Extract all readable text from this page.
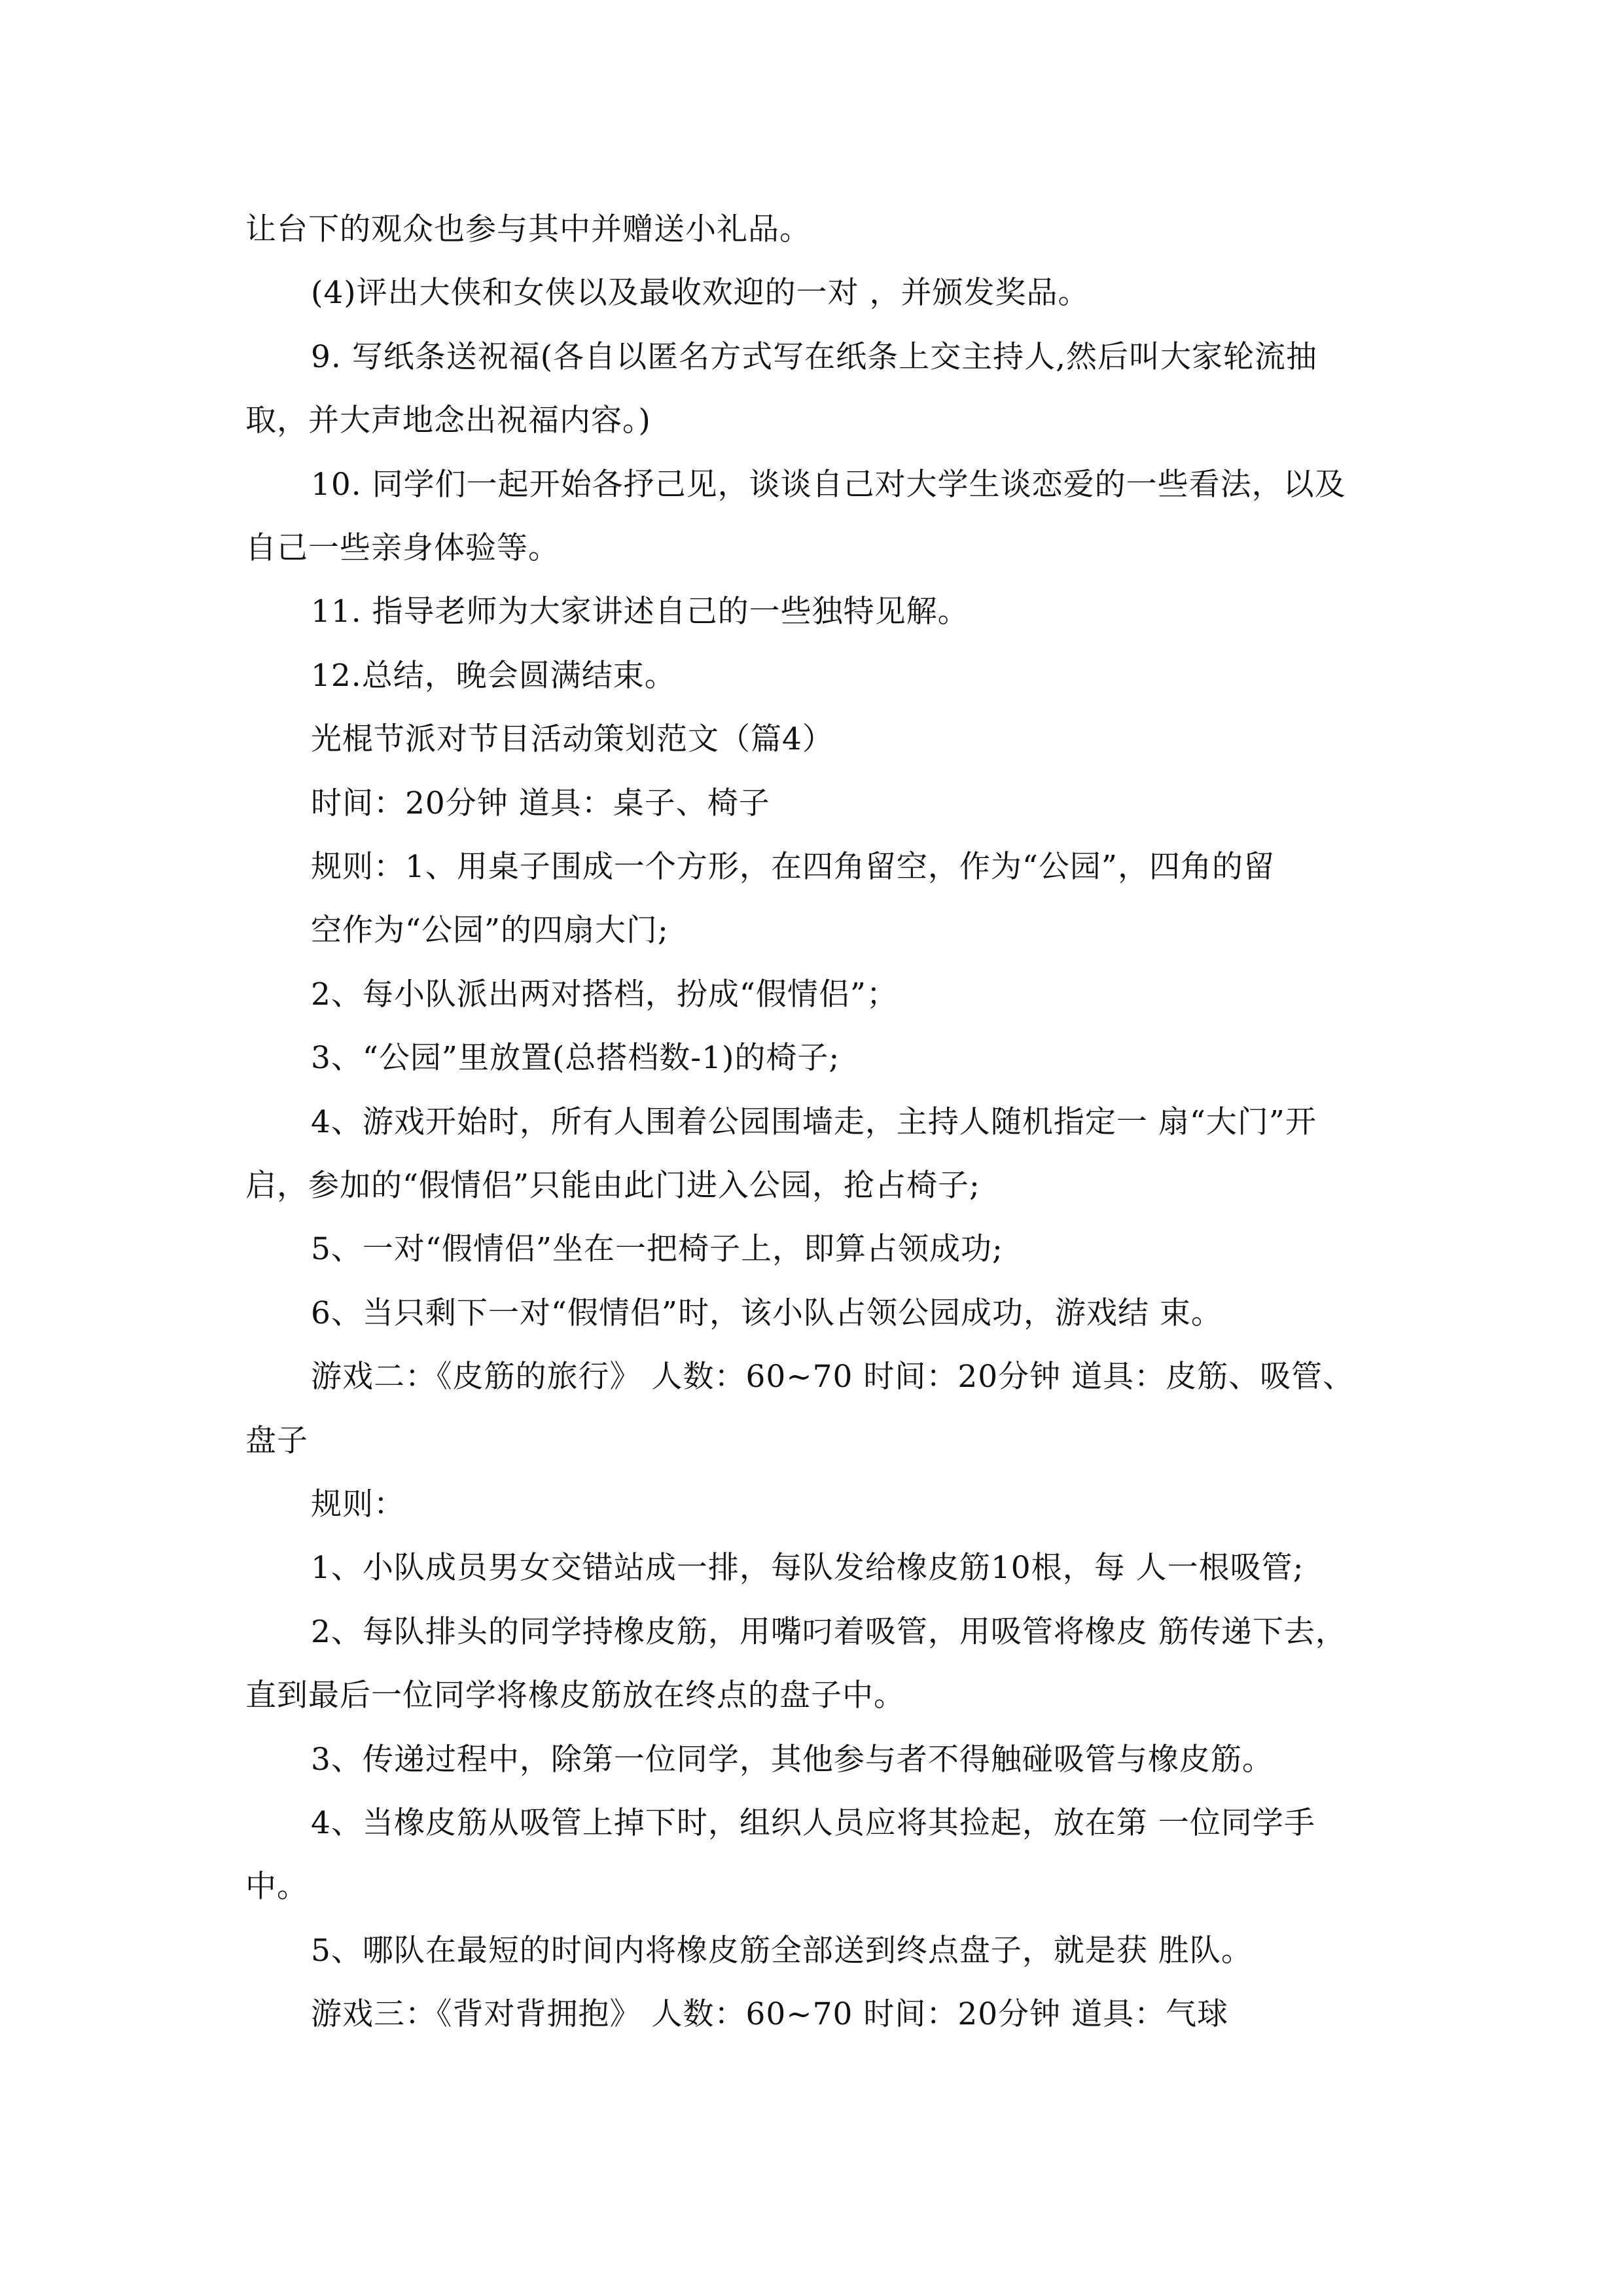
让台下的观众也参与其中并赠送小礼品。
(4)评出大侠和女侠以及最收欢迎的一对 ，并颁发奖品。
9. 写纸条送祝福(各自以匿名方式写在纸条上交主持人,然后叫大家轮流抽
取，并大声地念出祝福内容。)
10. 同学们一起开始各抒己见，谈谈自己对大学生谈恋爱的一些看法，以及
自己一些亲身体验等。
11. 指导老师为大家讲述自己的一些独特见解。
12.总结，晚会圆满结束。
光棍节派对节目活动策划范文（篇4）
时间：20分钟 道具：桌子、椅子
规则：1、用桌子围成一个方形，在四角留空，作为“公园”，四角的留
空作为“公园”的四扇大门;
2、每小队派出两对搭档，扮成“假情侣”；
3、“公园”里放置(总搭档数-1)的椅子;
4、游戏开始时，所有人围着公园围墙走，主持人随机指定一 扇“大门”开
启，参加的“假情侣”只能由此门进入公园，抢占椅子;
5、一对“假情侣”坐在一把椅子上，即算占领成功;
6、当只剩下一对“假情侣”时，该小队占领公园成功，游戏结 束。
游戏二：《皮筋的旅行》 人数：60~70 时间：20分钟 道具：皮筋、吸管、
盘子
规则：
1、小队成员男女交错站成一排，每队发给橡皮筋10根，每 人一根吸管;
2、每队排头的同学持橡皮筋，用嘴叼着吸管，用吸管将橡皮 筋传递下去，
直到最后一位同学将橡皮筋放在终点的盘子中。
3、传递过程中，除第一位同学，其他参与者不得触碰吸管与橡皮筋。
4、当橡皮筋从吸管上掉下时，组织人员应将其捡起，放在第 一位同学手
中。
5、哪队在最短的时间内将橡皮筋全部送到终点盘子，就是获 胜队。
游戏三：《背对背拥抱》 人数：60~70 时间：20分钟 道具：气球
